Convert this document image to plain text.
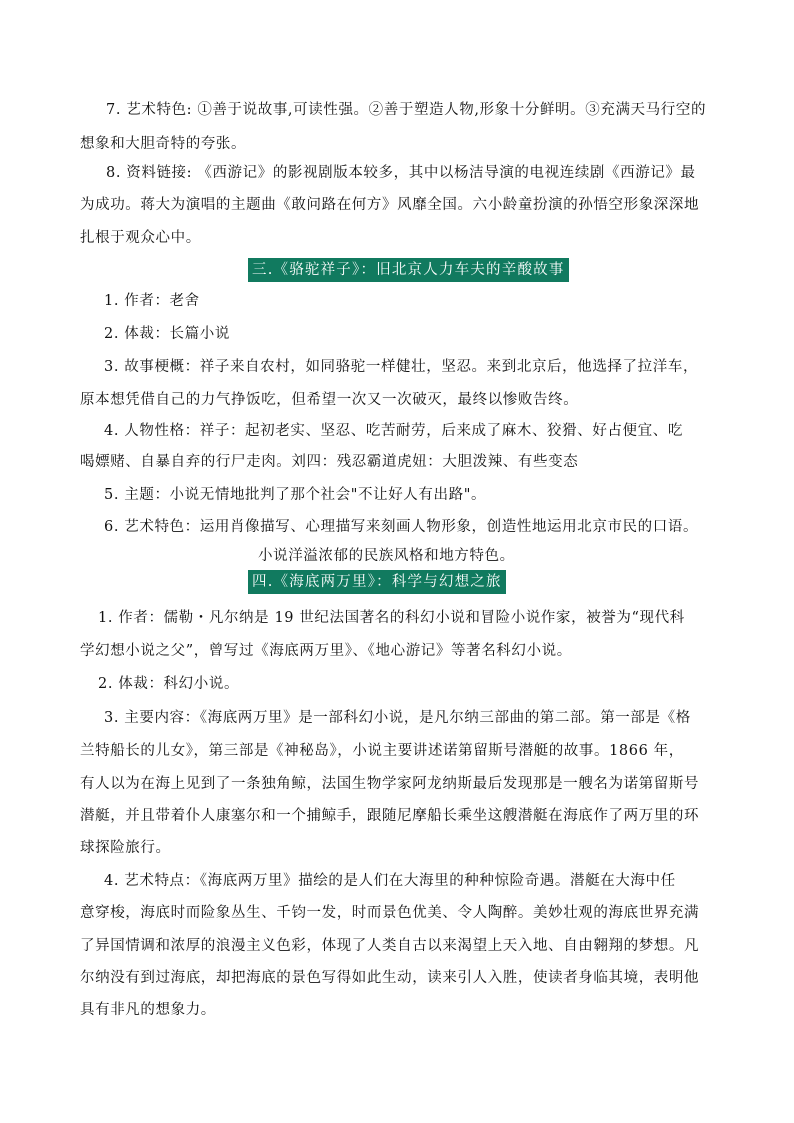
7. 艺术特色: ①善于说故事,可读性强。②善于塑造人物,形象十分鲜明。③充满天马行空的
想象和大胆奇特的夸张。
8. 资料链接: 《西游记》的影视剧版本较多，其中以杨洁导演的电视连续剧《西游记》最
为成功。蒋大为演唱的主题曲《敢问路在何方》风靡全国。六小龄童扮演的孙悟空形象深深地
扎根于观众心中。
三.《骆驼祥子》：旧北京人力车夫的辛酸故事
1. 作者：老舍
2. 体裁：长篇小说
3. 故事梗概：祥子来自农村，如同骆驼一样健壮，坚忍。来到北京后，他选择了拉洋车，
原本想凭借自己的力气挣饭吃，但希望一次又一次破灭，最终以惨败告终。
4. 人物性格：祥子：起初老实、坚忍、吃苦耐劳，后来成了麻木、狡猾、好占便宜、吃
喝嫖赌、自暴自弃的行尸走肉。刘四：残忍霸道虎妞：大胆泼辣、有些变态
5. 主题：小说无情地批判了那个社会"不让好人有出路"。
6. 艺术特色：运用肖像描写、心理描写来刻画人物形象，创造性地运用北京市民的口语。
小说洋溢浓郁的民族风格和地方特色。
四.《海底两万里》：科学与幻想之旅
1. 作者：儒勒・凡尔纳是 19 世纪法国著名的科幻小说和冒险小说作家，被誉为“现代科
学幻想小说之父”，曾写过《海底两万里》、《地心游记》等著名科幻小说。
2. 体裁：科幻小说。
3. 主要内容：《海底两万里》是一部科幻小说，是凡尔纳三部曲的第二部。第一部是《格
兰特船长的儿女》，第三部是《神秘岛》，小说主要讲述诺第留斯号潜艇的故事。1866 年，
有人以为在海上见到了一条独角鲸，法国生物学家阿龙纳斯最后发现那是一艘名为诺第留斯号
潜艇，并且带着仆人康塞尔和一个捕鲸手，跟随尼摩船长乘坐这艘潜艇在海底作了两万里的环
球探险旅行。
4. 艺术特点：《海底两万里》描绘的是人们在大海里的种种惊险奇遇。潜艇在大海中任
意穿梭，海底时而险象丛生、千钧一发，时而景色优美、令人陶醉。美妙壮观的海底世界充满
了异国情调和浓厚的浪漫主义色彩，体现了人类自古以来渴望上天入地、自由翱翔的梦想。凡
尔纳没有到过海底，却把海底的景色写得如此生动，读来引人入胜，使读者身临其境，表明他
具有非凡的想象力。
